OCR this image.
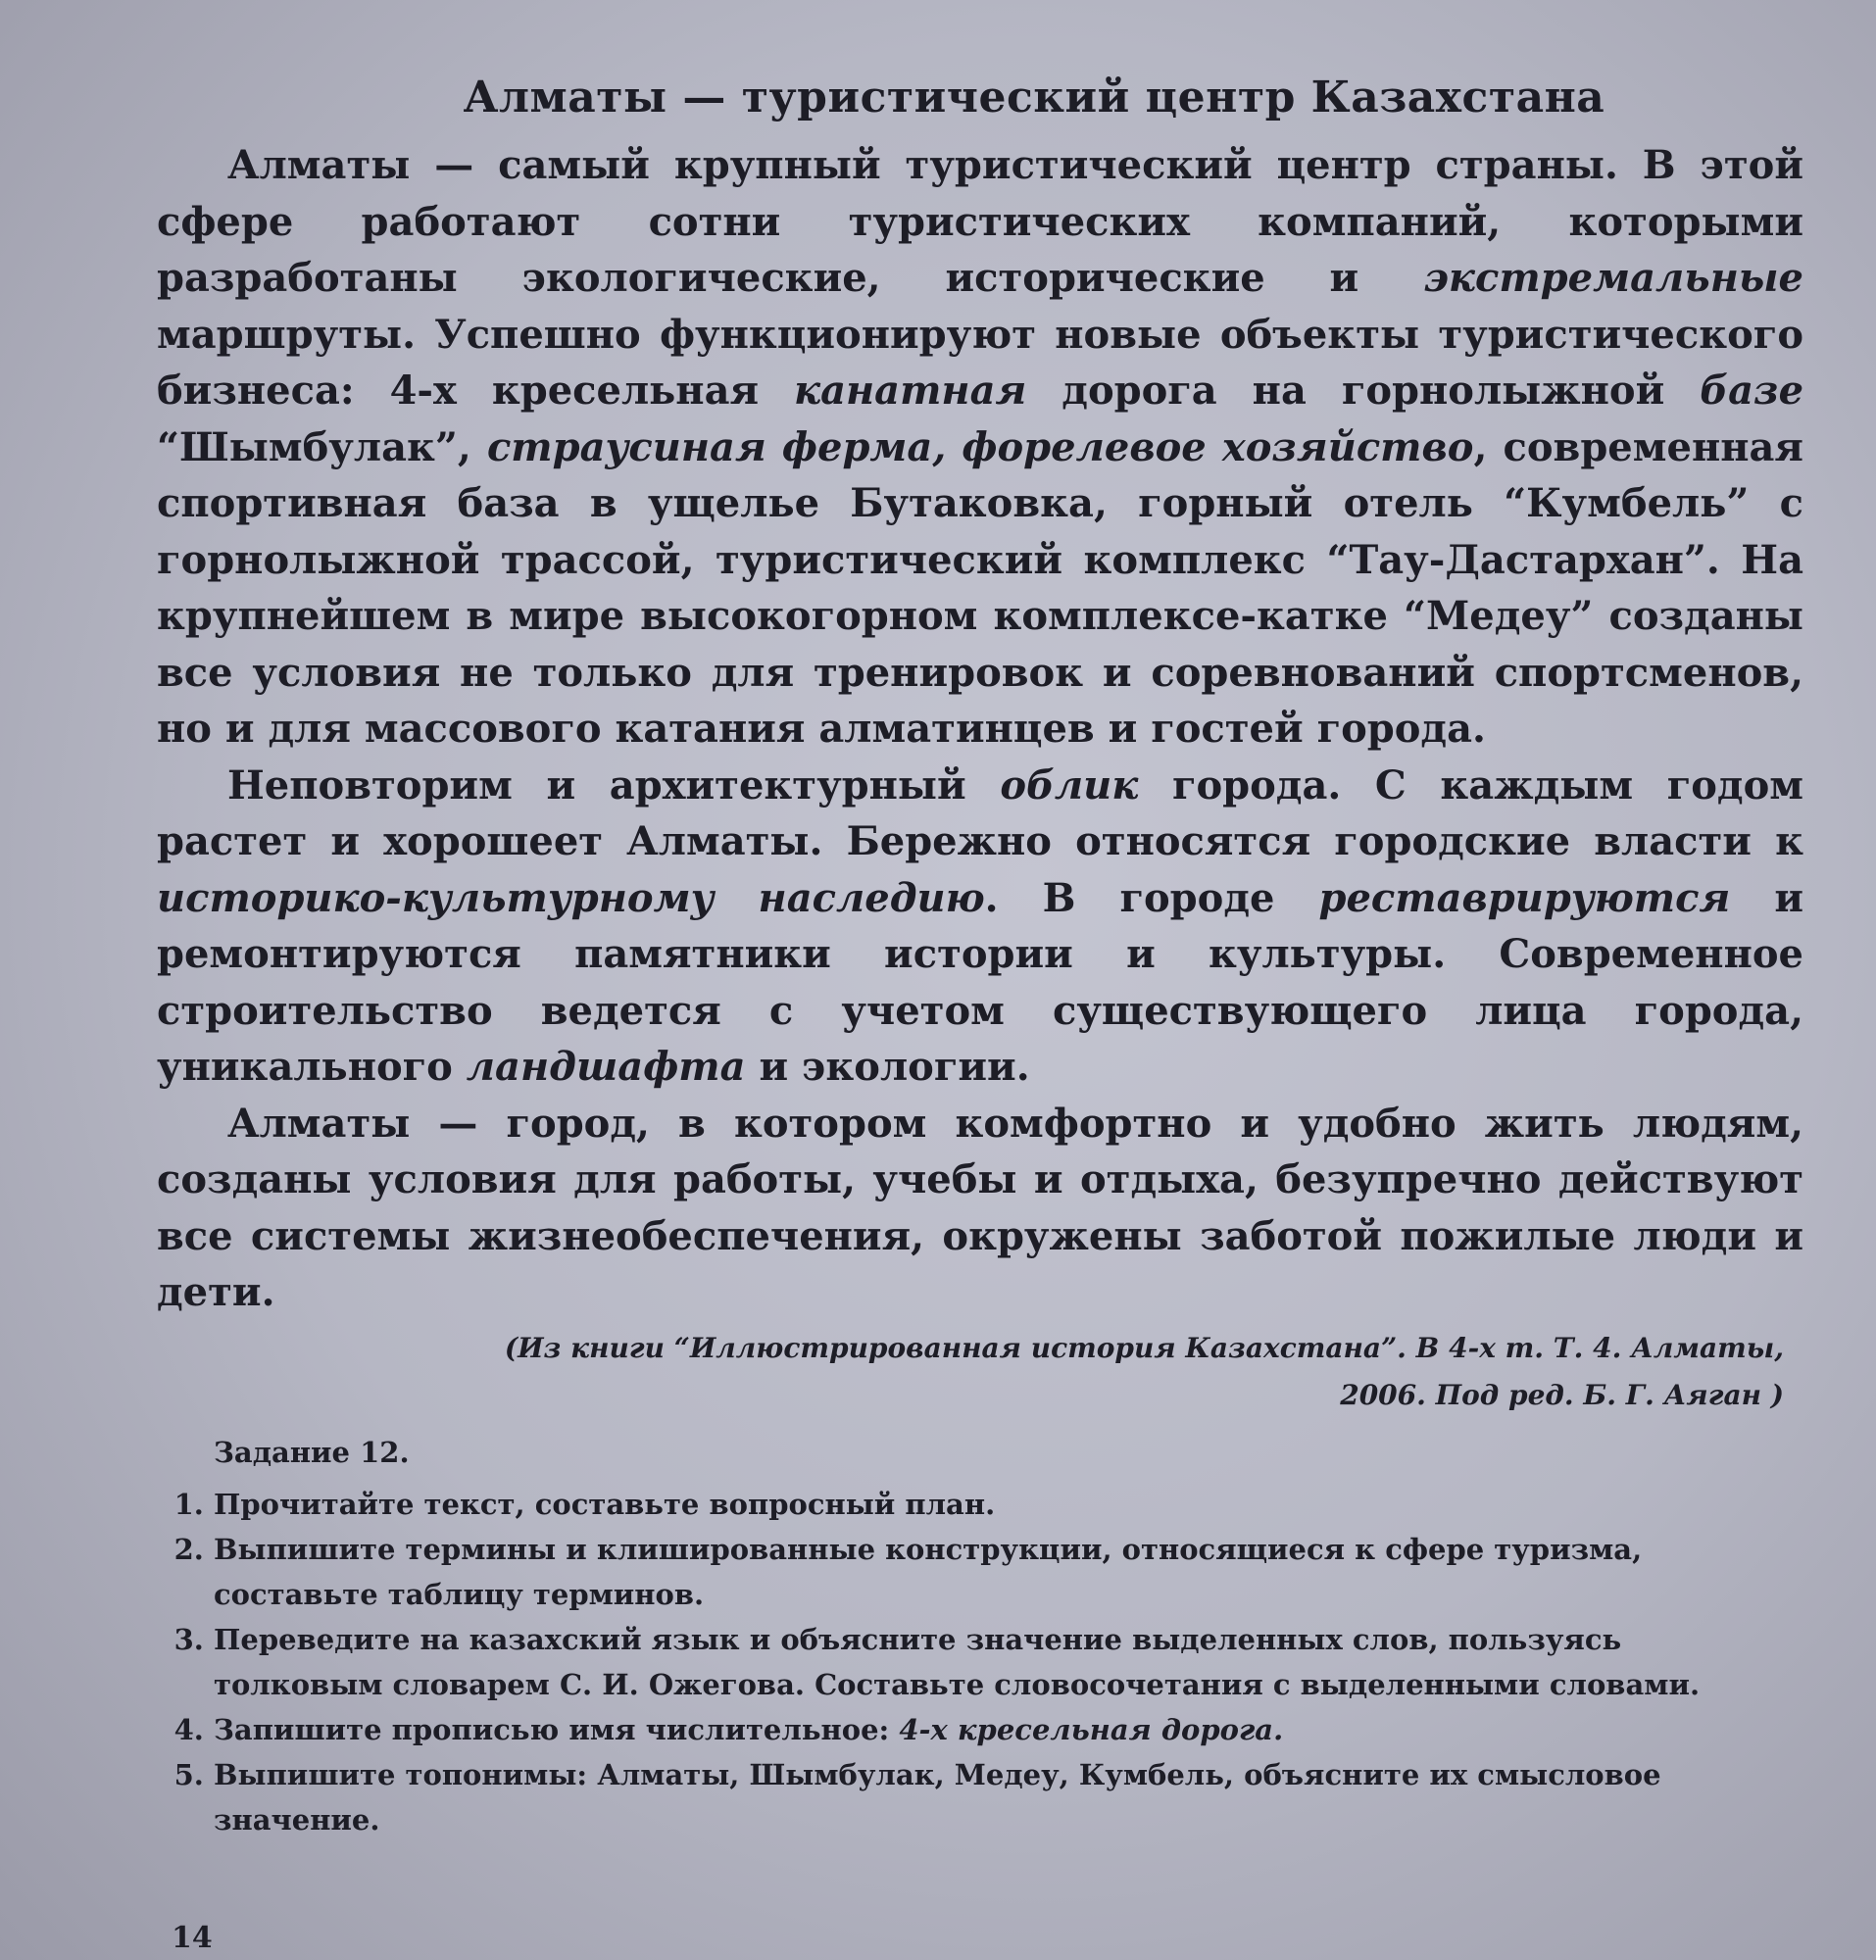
Алматы — туристический центр Казахстана

Алматы — самый крупный туристический центр страны. В этой сфере работают сотни туристических компаний, которыми разработаны экологические, исторические и экстремальные маршруты. Успешно функционируют новые объекты туристического бизнеса: 4-х кресельная канатная дорога на горнолыжной базе “Шымбулак”, страусиная ферма, форелевое хозяйство, современная спортивная база в ущелье Бутаковка, горный отель “Кумбель” с горнолыжной трассой, туристический комплекс “Тау-Дастархан”. На крупнейшем в мире высокогорном комплексе-катке “Медеу” созданы все условия не только для тренировок и соревнований спортсменов, но и для массового катания алматинцев и гостей города.

Неповторим и архитектурный облик города. С каждым годом растет и хорошеет Алматы. Бережно относятся городские власти к историко-культурному наследию. В городе реставрируются и ремонтируются памятники истории и культуры. Современное строительство ведется с учетом существующего лица города, уникального ландшафта и экологии.

Алматы — город, в котором комфортно и удобно жить людям, созданы условия для работы, учебы и отдыха, безупречно действуют все системы жизнеобеспечения, окружены заботой пожилые люди и дети.

(Из книги “Иллюстрированная история Казахстана”. В 4-х т. Т. 4. Алматы,
2006. Под ред. Б. Г. Аяган )
Задание 12.
1. Прочитайте текст, составьте вопросный план.
2. Выпишите термины и клишированные конструкции, относящиеся к сфере туризма, составьте таблицу терминов.
3. Переведите на казахский язык и объясните значение выделенных слов, пользуясь толковым словарем С. И. Ожегова. Составьте словосочетания с выделенными словами.
4. Запишите прописью имя числительное: 4-х кресельная дорога.
5. Выпишите топонимы: Алматы, Шымбулак, Медеу, Кумбель, объясните их смысловое значение.
14
